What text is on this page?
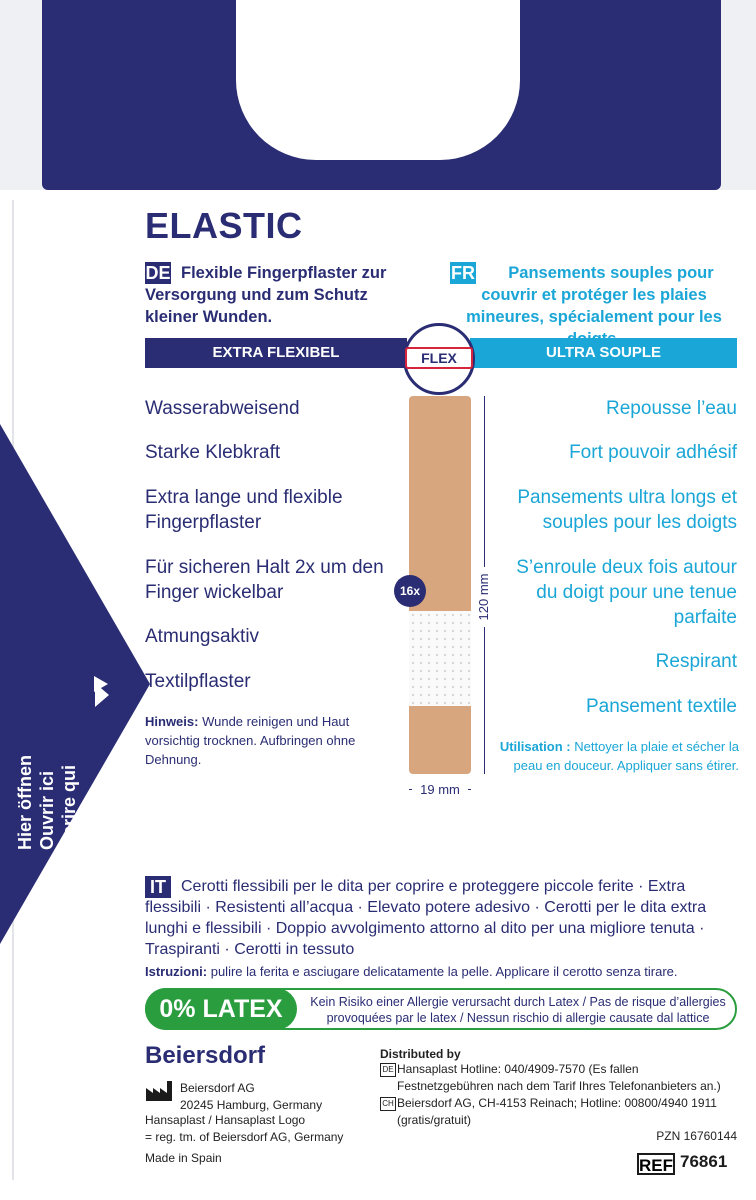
Hier öffnen Ouvrir ici Aprire qui
ELASTIC
DE Flexible Fingerpflaster zur Versorgung und zum Schutz kleiner Wunden.
FR	Pansements souples pour couvrir et protéger les plaies mineures, spécialement pour les
EXTRA FLEXIBEL	ULTRA SOUPLE
FLEX
Wasserabweisend
Starke Klebkraft
Extra lange und flexible Fingerpflaster
Für sicheren Halt 2x um den Finger wickelbar
Atmungsaktiv
Textilpflaster
Hinweis: Wunde reinigen und Haut vorsichtig trocknen. Aufbringen ohne Dehnung.
Repousse l’eau
Fort pouvoir adhésif
Pansements ultra longs et souples pour les doigts
S’enroule deux fois autour du doigt pour une tenue parfaite
Respirant
Pansement textile
Utilisation : Nettoyer la plaie et sécher la peau en douceur. Appliquer sans étirer.
16x	120 mm
19 mm
IT Cerotti flessibili per le dita per coprire e proteggere piccole ferite · Extra flessibili · Resistenti all’acqua · Elevato potere adesivo · Cerotti per le dita extra lunghi e flessibili · Doppio avvolgimento attorno al dito per una migliore tenuta · Traspiranti · Cerotti in tessuto
Istruzioni: pulire la ferita e asciugare delicatamente la pelle. Applicare il cerotto senza tirare.
0% LATEX	Kein Risiko einer Allergie verursacht durch Latex / Pas de risque d’allergies provoquées par le latex / Nessun rischio di allergie causate dal lattice
Beiersdorf
Beiersdorf AG
20245 Hamburg, Germany
Hansaplast / Hansaplast Logo
= reg. tm. of Beiersdorf AG, Germany
Made in Spain
Distributed by
DE Hansaplast Hotline: 040/4909-7570 (Es fallen Festnetzgebühren nach dem Tarif Ihres Telefonanbieters an.)
CH Beiersdorf AG, CH-4153 Reinach; Hotline: 00800/4940 1911 (gratis/gratuit)
PZN 16760144
REF 76861
